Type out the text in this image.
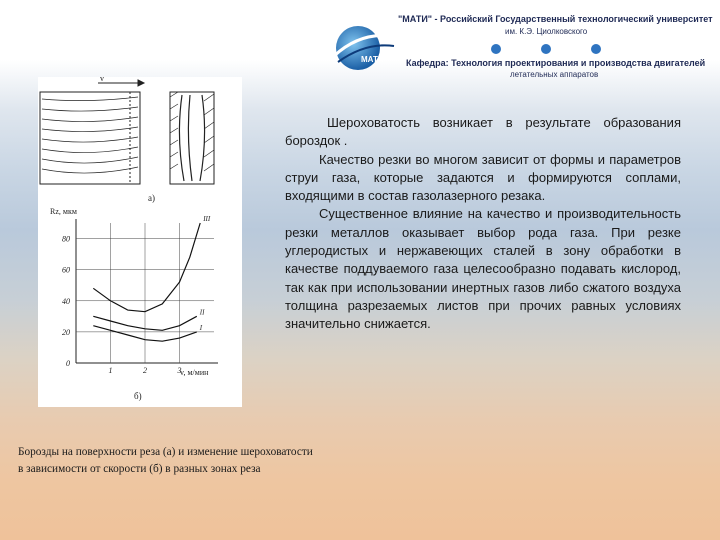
МАТИ
"МАТИ" - Российский Государственный технологический университет
им. К.Э. Циолковского
Кафедра: Технология проектирования и производства двигателей
летательных аппаратов
v
а)
Rz, мкм
v, м/мин
б)
0
20
40
60
80
1	2	3
III
II
I

Шероховатость возникает в результате образования бороздок .

Качество резки во многом зависит от формы и параметров струи газа, которые задаются и формируются соплами, входящими в состав газолазерного резака.

Существенное влияние на качество и производительность резки металлов оказывает выбор рода газа. При резке углеродистых и нержавеющих сталей в зону обработки в качестве поддуваемого газа целесообразно подавать кислород, так как при использовании инертных газов либо сжатого воздуха толщина разрезаемых листов при прочих равных условиях значительно снижается.

Борозды на поверхности реза (а) и изменение шероховатости в зависимости от скорости (б) в разных зонах реза
